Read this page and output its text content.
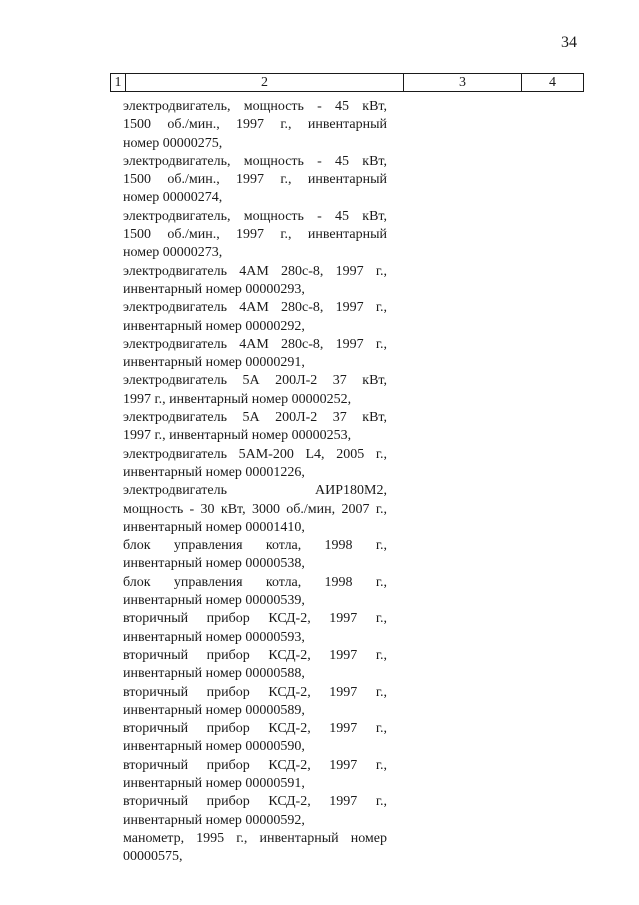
34
1	2	3	4
электродвигатель, мощность - 45 кВт,
1500 об./мин., 1997 г., инвентарный
номер 00000275,
электродвигатель, мощность - 45 кВт,
1500 об./мин., 1997 г., инвентарный
номер 00000274,
электродвигатель, мощность - 45 кВт,
1500 об./мин., 1997 г., инвентарный
номер 00000273,
электродвигатель 4АМ 280с-8, 1997 г.,
инвентарный номер 00000293,
электродвигатель 4АМ 280с-8, 1997 г.,
инвентарный номер 00000292,
электродвигатель 4АМ 280с-8, 1997 г.,
инвентарный номер 00000291,
электродвигатель 5А 200Л-2 37 кВт,
1997 г., инвентарный номер 00000252,
электродвигатель 5А 200Л-2 37 кВт,
1997 г., инвентарный номер 00000253,
электродвигатель 5АМ-200 L4, 2005 г.,
инвентарный номер 00001226,
электродвигатель АИР180М2,
мощность - 30 кВт, 3000 об./мин, 2007 г.,
инвентарный номер 00001410,
блок управления котла, 1998 г.,
инвентарный номер 00000538,
блок управления котла, 1998 г.,
инвентарный номер 00000539,
вторичный прибор КСД-2, 1997 г.,
инвентарный номер 00000593,
вторичный прибор КСД-2, 1997 г.,
инвентарный номер 00000588,
вторичный прибор КСД-2, 1997 г.,
инвентарный номер 00000589,
вторичный прибор КСД-2, 1997 г.,
инвентарный номер 00000590,
вторичный прибор КСД-2, 1997 г.,
инвентарный номер 00000591,
вторичный прибор КСД-2, 1997 г.,
инвентарный номер 00000592,
манометр, 1995 г., инвентарный номер
00000575,
